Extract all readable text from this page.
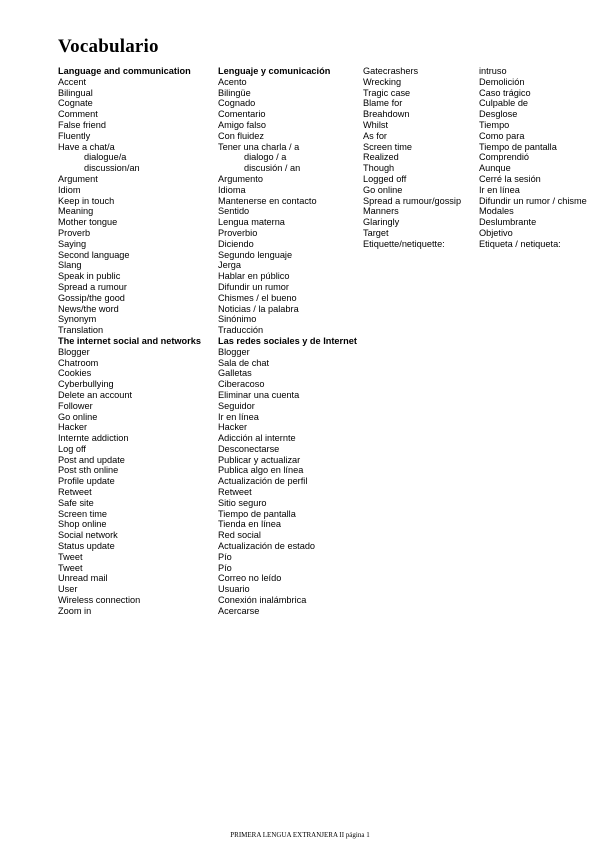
Vocabulario
Language and communication
Accent
Bilingual
Cognate
Comment
False friend
Fluently
Have a chat/a
dialogue/a
discussion/an
Argument
Idiom
Keep in touch
Meaning
Mother tongue
Proverb
Saying
Second language
Slang
Speak in public
Spread a rumour
Gossip/the good
News/the word
Synonym
Translation
The internet social and networks
Blogger
Chatroom
Cookies
Cyberbullying
Delete an account
Follower
Go online
Hacker
Internte addiction
Log off
Post and update
Post sth online
Profile update
Retweet
Safe site
Screen time
Shop online
Social network
Status update
Tweet
Tweet
Unread mail
User
Wireless connection
Zoom in
Lenguaje y comunicación
Acento
Bilingüe
Cognado
Comentario
Amigo falso
Con fluidez
Tener una charla / a
dialogo / a
discusión / an
Argumento
Idioma
Mantenerse en contacto
Sentido
Lengua materna
Proverbio
Diciendo
Segundo lenguaje
Jerga
Hablar en público
Difundir un rumor
Chismes / el bueno
Noticias / la palabra
Sinónimo
Traducción
Las redes sociales y de Internet
Blogger
Sala de chat
Galletas
Ciberacoso
Eliminar una cuenta
Seguidor
Ir en línea
Hacker
Adicción al internte
Desconectarse
Publicar y actualizar
Publica algo en línea
Actualización de perfil
Retweet
Sitio seguro
Tiempo de pantalla
Tienda en línea
Red social
Actualización de estado
Pío
Pío
Correo no leído
Usuario
Conexión inalámbrica
Acercarse
Gatecrashers
Wrecking
Tragic case
Blame for
Breahdown
Whilst
As for
Screen time
Realized
Though
Logged off
Go online
Spread a rumour/gossip
Manners
Glaringly
Target
Etiquette/netiquette:
intruso
Demolición
Caso trágico
Culpable de
Desglose
Tiempo
Como para
Tiempo de pantalla
Comprendió
Aunque
Cerré la sesión
Ir en línea
Difundir un rumor / chisme
Modales
Deslumbrante
Objetivo
Etiqueta / netiqueta:
PRIMERA LENGUA EXTRANJERA II página 1
